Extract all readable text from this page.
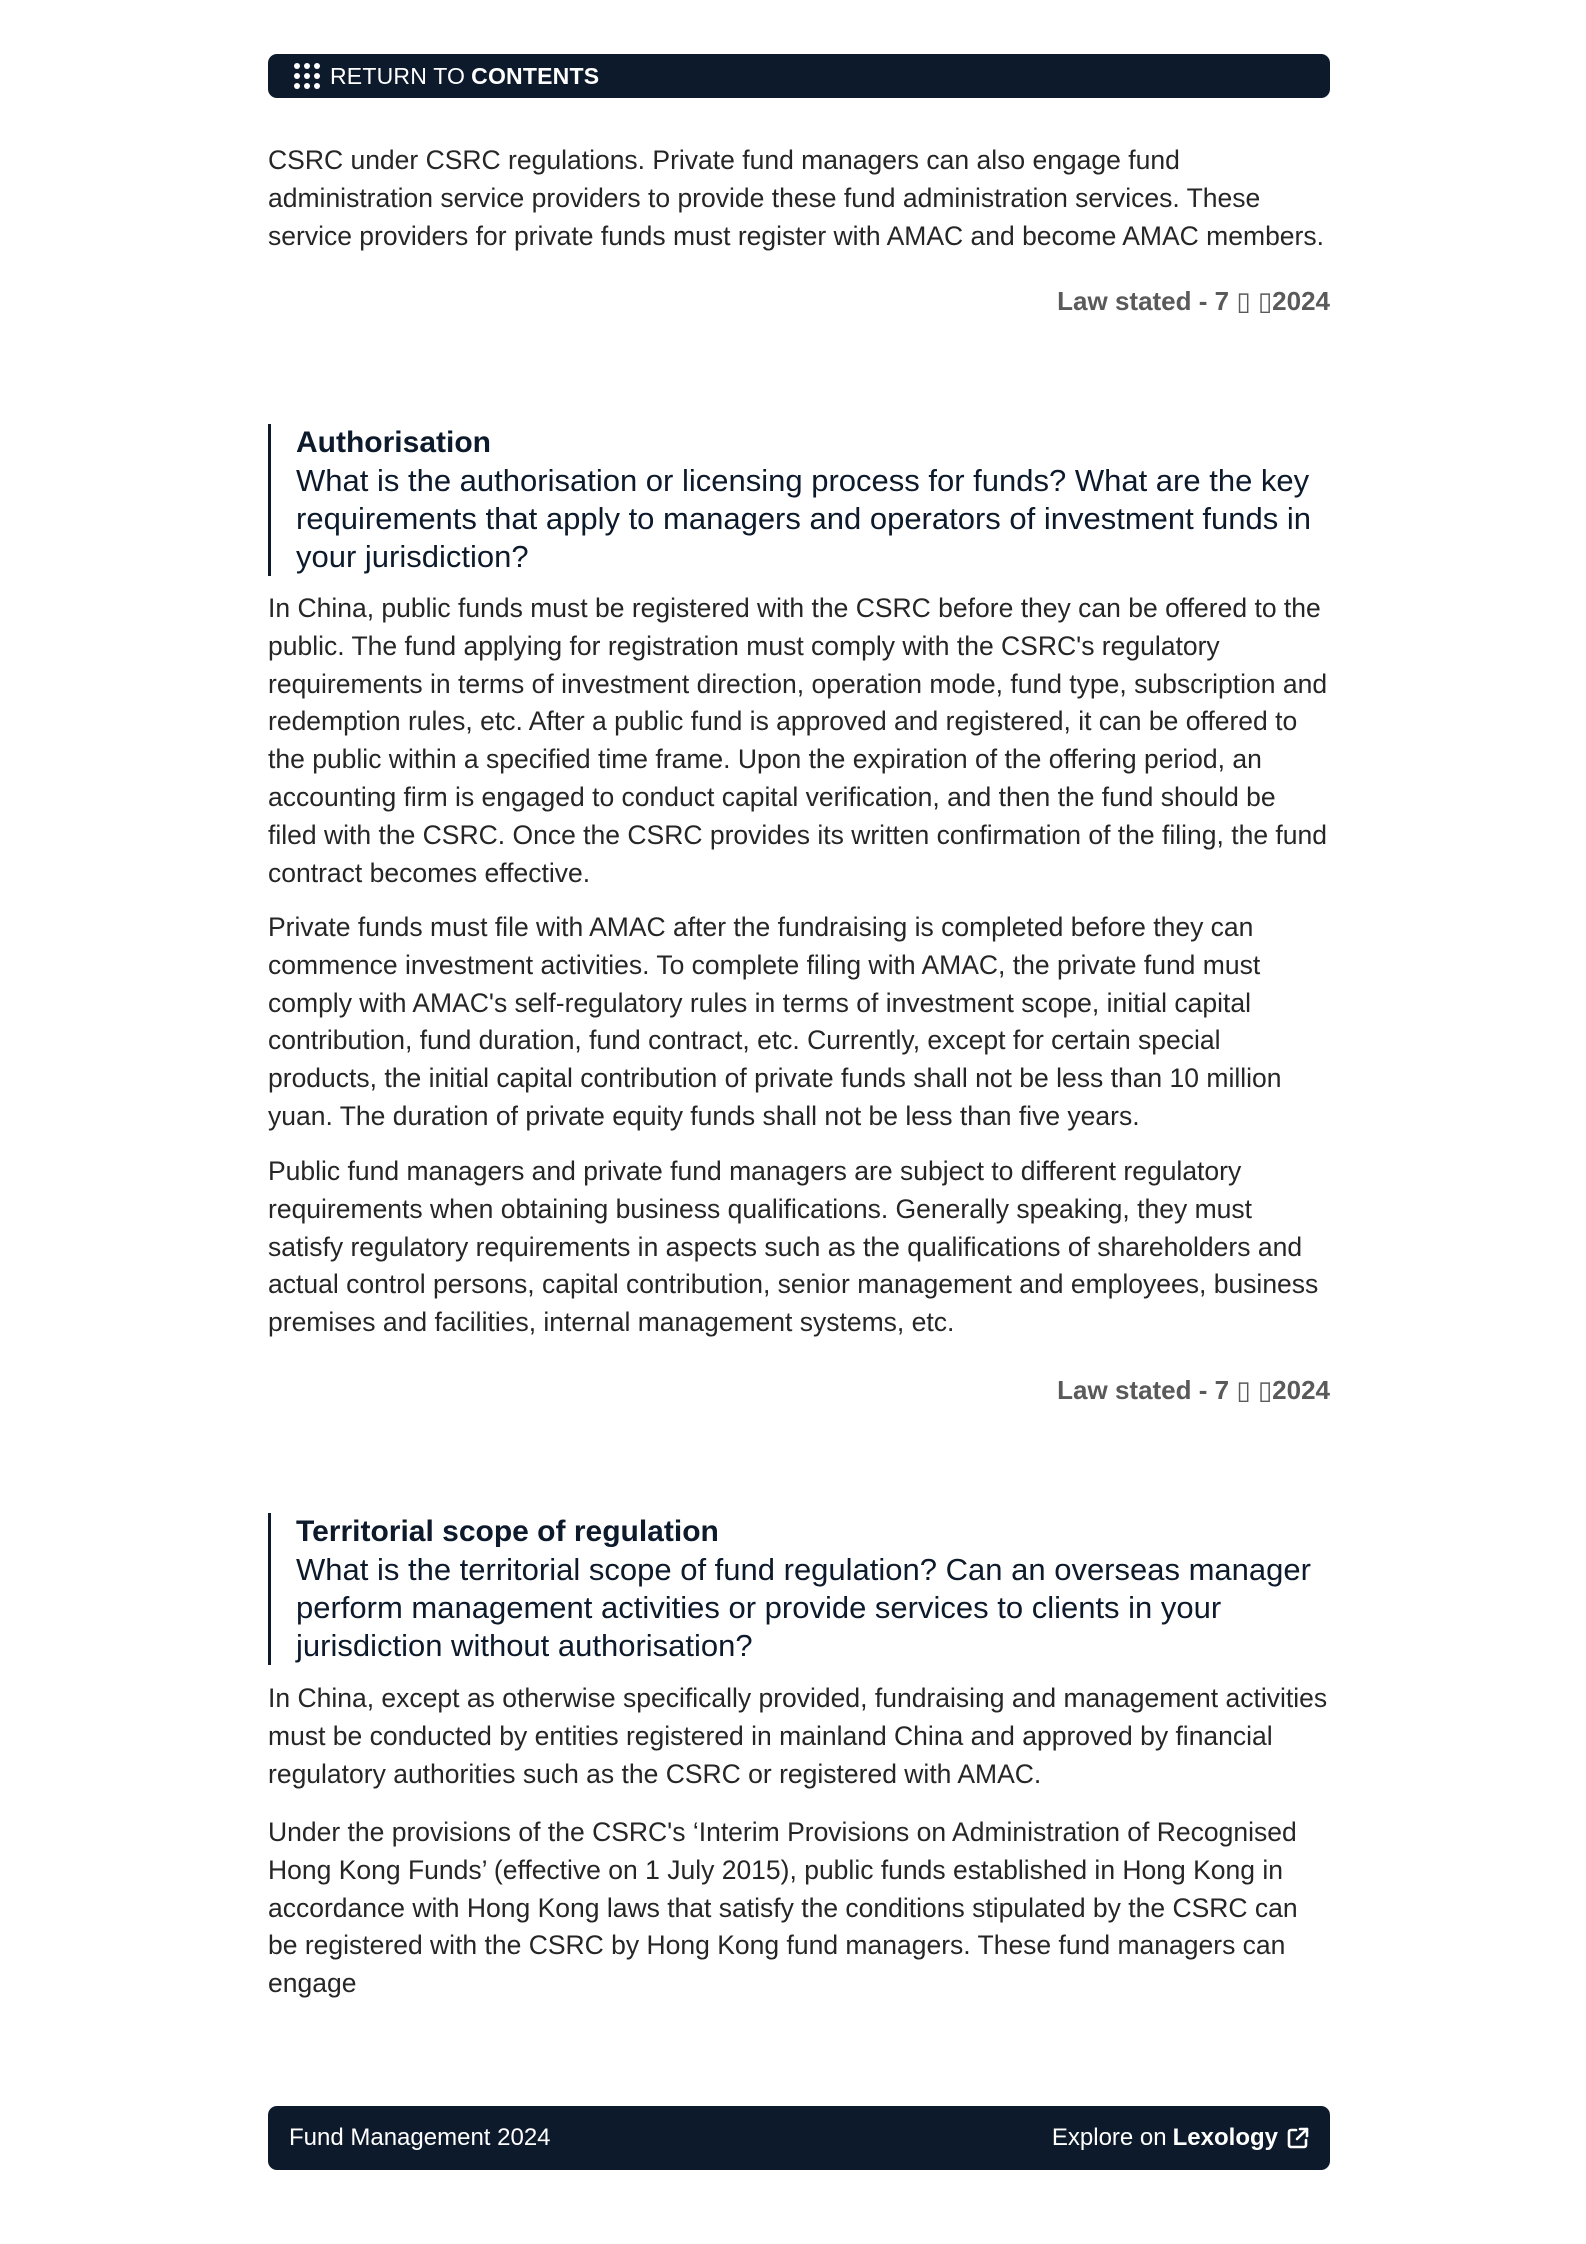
RETURN TO CONTENTS

CSRC under CSRC regulations. Private fund managers can also engage fund administration service providers to provide these fund administration services. These service providers for private funds must register with AMAC and become AMAC members.

Law stated - 7 ▯ ▯2024

Authorisation

What is the authorisation or licensing process for funds? What are the key requirements that apply to managers and operators of investment funds in your jurisdiction?

In China, public funds must be registered with the CSRC before they can be offered to the public. The fund applying for registration must comply with the CSRC's regulatory requirements in terms of investment direction, operation mode, fund type, subscription and redemption rules, etc. After a public fund is approved and registered, it can be offered to the public within a specified time frame. Upon the expiration of the offering period, an accounting firm is engaged to conduct capital verification, and then the fund should be filed with the CSRC. Once the CSRC provides its written confirmation of the filing, the fund contract becomes effective.

Private funds must file with AMAC after the fundraising is completed before they can commence investment activities. To complete filing with AMAC, the private fund must comply with AMAC's self-regulatory rules in terms of investment scope, initial capital contribution, fund duration, fund contract, etc. Currently, except for certain special products, the initial capital contribution of private funds shall not be less than 10 million yuan. The duration of private equity funds shall not be less than five years.

Public fund managers and private fund managers are subject to different regulatory requirements when obtaining business qualifications. Generally speaking, they must satisfy regulatory requirements in aspects such as the qualifications of shareholders and actual control persons, capital contribution, senior management and employees, business premises and facilities, internal management systems, etc.

Law stated - 7 ▯ ▯2024

Territorial scope of regulation

What is the territorial scope of fund regulation? Can an overseas manager perform management activities or provide services to clients in your jurisdiction without authorisation?

In China, except as otherwise specifically provided, fundraising and management activities must be conducted by entities registered in mainland China and approved by financial regulatory authorities such as the CSRC or registered with AMAC.

Under the provisions of the CSRC's ‘Interim Provisions on Administration of Recognised Hong Kong Funds’ (effective on 1 July 2015), public funds established in Hong Kong in accordance with Hong Kong laws that satisfy the conditions stipulated by the CSRC can be registered with the CSRC by Hong Kong fund managers. These fund managers can engage

Fund Management 2024	Explore on Lexology
